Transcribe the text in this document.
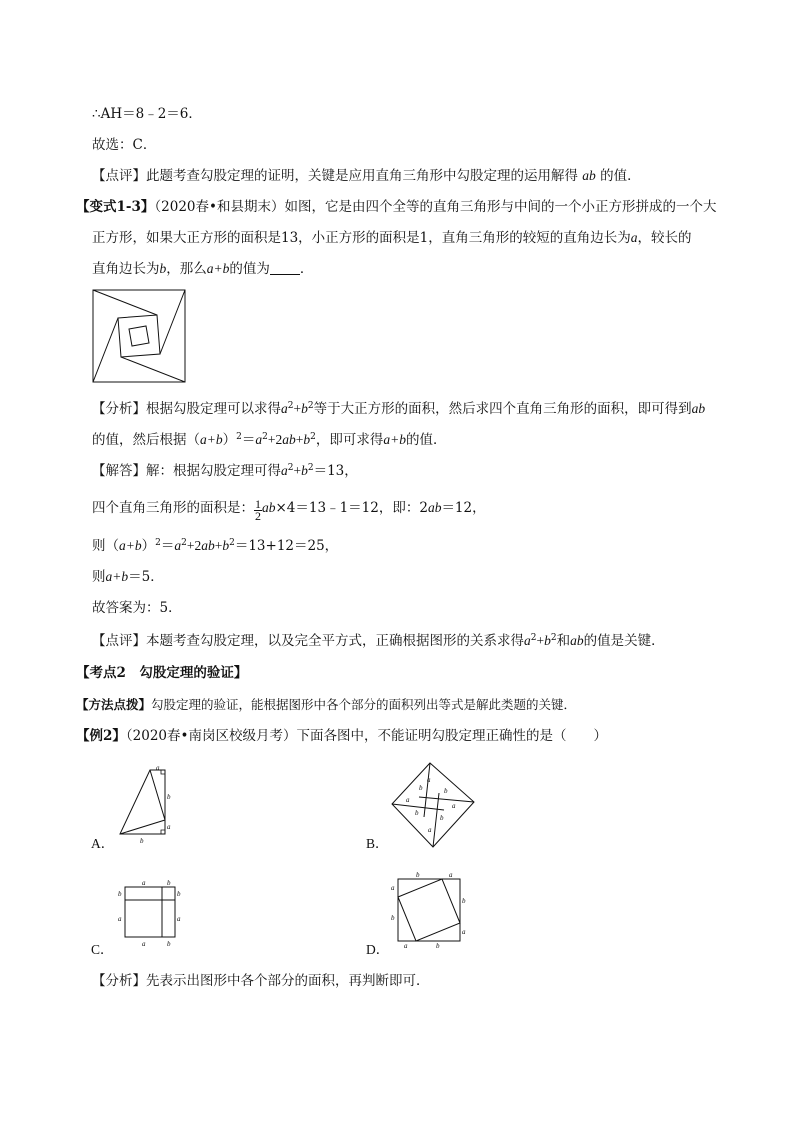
∴AH＝8﹣2＝6．
故选：C．
【点评】此题考查勾股定理的证明，关键是应用直角三角形中勾股定理的运用解得 ab 的值．
【变式1-3】（2020春•和县期末）如图，它是由四个全等的直角三角形与中间的一个小正方形拼成的一个大
正方形，如果大正方形的面积是13，小正方形的面积是1，直角三角形的较短的直角边长为a，较长的
直角边长为b，那么a+b的值为 ．
【分析】根据勾股定理可以求得$a^2+b^2$等于大正方形的面积，然后求四个直角三角形的面积，即可得到ab
的值，然后根据$(a+b)^2=a^2+2ab+b^2$，即可求得a+b的值．
【解答】解：根据勾股定理可得$a^2+b^2=13$，
四个直角三角形的面积是： $\frac{1}{2}$ ab×4＝13﹣1＝12，即：2ab＝12，
则$(a+b)^2=a^2+2ab+b^2=13+12=25$，
则a+b＝5．
故答案为：5．
【点评】本题考查勾股定理，以及完全平方式，正确根据图形的关系求得$a^2+b^2$和ab的值是关键．
【考点2　勾股定理的验证】
【方法点拨】勾股定理的验证，能根据图形中各个部分的面积列出等式是解此类题的关键．
【例2】（2020春•南岗区校级月考）下面各图中，不能证明勾股定理正确性的是（　　）
a
b
a
b
A．
a
a
a
a
b	b
b
b
B．
a	b
b
a
b
a
a	b
C．
b	a
a
b
b
a
a	b
D．
【分析】先表示出图形中各个部分的面积，再判断即可．
